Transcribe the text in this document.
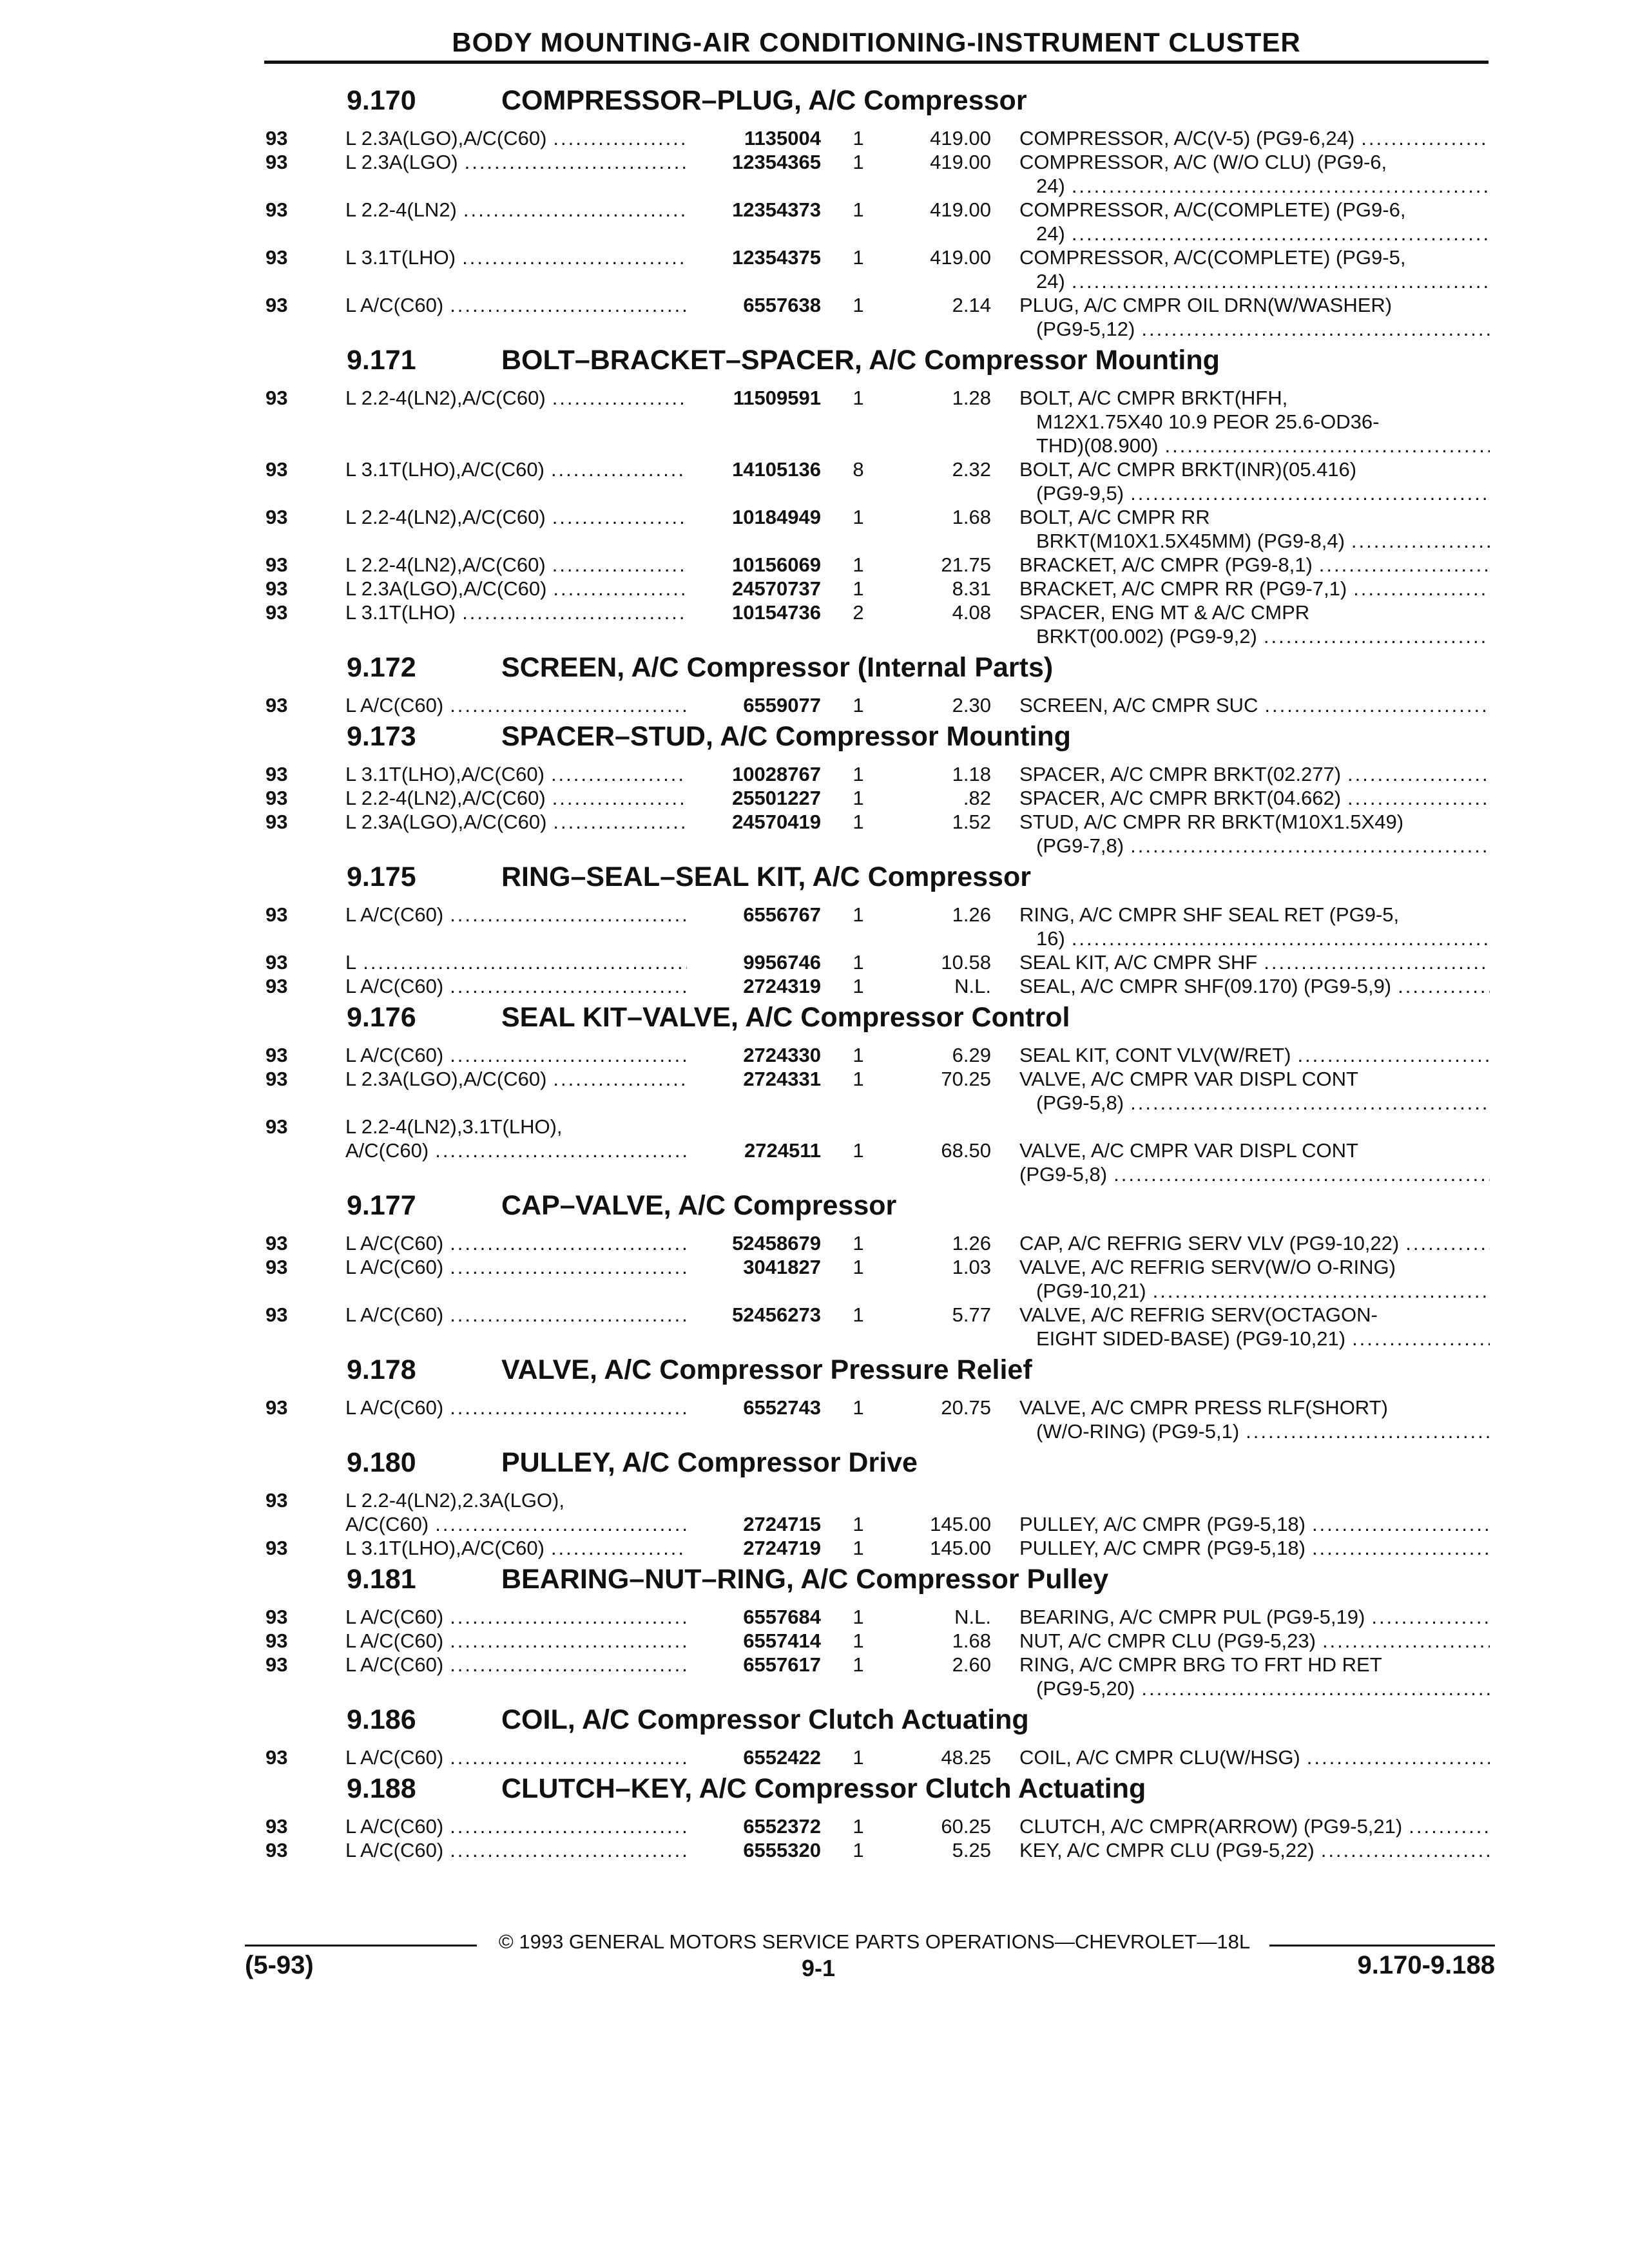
BODY MOUNTING-AIR CONDITIONING-INSTRUMENT CLUSTER
9.170	COMPRESSOR–PLUG, A/C Compressor
93	L 2.3A(LGO),A/C(C60) .....	1135004	1	419.00 COMPRESSOR, A/C(V-5) (PG9-6,24)
.....
93	L 2.3A(LGO) .....	12354365	1	419.00 COMPRESSOR, A/C (W/O CLU) (PG9-6,
24)
.....
93	L 2.2-4(LN2) .....	12354373	1	419.00 COMPRESSOR, A/C(COMPLETE) (PG9-6,
24)
.....
93	L 3.1T(LHO) .....	12354375	1	419.00 COMPRESSOR, A/C(COMPLETE) (PG9-5,
24)
.....
93	L A/C(C60) .....	6557638	1	2.14 PLUG, A/C CMPR OIL DRN(W/WASHER)
(PG9-5,12)
.....
9.171	BOLT–BRACKET–SPACER, A/C Compressor Mounting
93	L 2.2-4(LN2),A/C(C60) .....	11509591	1	1.28 BOLT, A/C CMPR BRKT(HFH,
M12X1.75X40 10.9 PEOR 25.6-OD36-
THD)(08.900)
.....
93	L 3.1T(LHO),A/C(C60) .....	14105136	8	2.32 BOLT, A/C CMPR BRKT(INR)(05.416)
(PG9-9,5)
.....
93	L 2.2-4(LN2),A/C(C60) .....	10184949	1	1.68 BOLT, A/C CMPR RR
BRKT(M10X1.5X45MM) (PG9-8,4)
.....
93	L 2.2-4(LN2),A/C(C60) .....	10156069	1	21.75 BRACKET, A/C CMPR (PG9-8,1)
.....
93	L 2.3A(LGO),A/C(C60) .....	24570737	1	8.31 BRACKET, A/C CMPR RR (PG9-7,1)
.....
93	L 3.1T(LHO) .....	10154736	2	4.08 SPACER, ENG MT & A/C CMPR
BRKT(00.002) (PG9-9,2)
.....
9.172	SCREEN, A/C Compressor (Internal Parts)
93	L A/C(C60) .....	6559077	1	2.30 SCREEN, A/C CMPR SUC
.....
9.173	SPACER–STUD, A/C Compressor Mounting
93	L 3.1T(LHO),A/C(C60) .....	10028767	1	1.18 SPACER, A/C CMPR BRKT(02.277)
.....
93	L 2.2-4(LN2),A/C(C60) .....	25501227	1	.82 SPACER, A/C CMPR BRKT(04.662)
.....
93	L 2.3A(LGO),A/C(C60) .....	24570419	1	1.52 STUD, A/C CMPR RR BRKT(M10X1.5X49)
(PG9-7,8)
.....
9.175	RING–SEAL–SEAL KIT, A/C Compressor
93	L A/C(C60) .....	6556767	1	1.26 RING, A/C CMPR SHF SEAL RET (PG9-5,
16)
.....
93	L .....	9956746	1	10.58 SEAL KIT, A/C CMPR SHF
.....
93	L A/C(C60) .....	2724319	1	N.L. SEAL, A/C CMPR SHF(09.170) (PG9-5,9)
.....
9.176	SEAL KIT–VALVE, A/C Compressor Control
93	L A/C(C60) .....	2724330	1	6.29 SEAL KIT, CONT VLV(W/RET)
.....
93	L 2.3A(LGO),A/C(C60) .....	2724331	1	70.25 VALVE, A/C CMPR VAR DISPL CONT
(PG9-5,8)
.....
93	L 2.2-4(LN2),3.1T(LHO),
A/C(C60) .....	2724511	1	68.50
VALVE, A/C CMPR VAR DISPL CONT
(PG9-5,8)
.....
9.177	CAP–VALVE, A/C Compressor
93	L A/C(C60) .....	52458679	1	1.26 CAP, A/C REFRIG SERV VLV (PG9-10,22)
.....
93	L A/C(C60) .....	3041827	1	1.03 VALVE, A/C REFRIG SERV(W/O O-RING)
(PG9-10,21)
.....
93	L A/C(C60) .....	52456273	1	5.77 VALVE, A/C REFRIG SERV(OCTAGON-
EIGHT SIDED-BASE) (PG9-10,21)
.....
9.178	VALVE, A/C Compressor Pressure Relief
93	L A/C(C60) .....	6552743	1	20.75 VALVE, A/C CMPR PRESS RLF(SHORT)
(W/O-RING) (PG9-5,1)
.....
9.180	PULLEY, A/C Compressor Drive
93	L 2.2-4(LN2),2.3A(LGO),
A/C(C60) .....	2724715	1	145.00
PULLEY, A/C CMPR (PG9-5,18)
.....
93	L 3.1T(LHO),A/C(C60) .....	2724719	1	145.00 PULLEY, A/C CMPR (PG9-5,18)
.....
9.181	BEARING–NUT–RING, A/C Compressor Pulley
93	L A/C(C60) .....	6557684	1	N.L. BEARING, A/C CMPR PUL (PG9-5,19)
.....
93	L A/C(C60) .....	6557414	1	1.68 NUT, A/C CMPR CLU (PG9-5,23)
.....
93	L A/C(C60) .....	6557617	1	2.60 RING, A/C CMPR BRG TO FRT HD RET
(PG9-5,20)
.....
9.186	COIL, A/C Compressor Clutch Actuating
93	L A/C(C60) .....	6552422	1	48.25 COIL, A/C CMPR CLU(W/HSG)
.....
9.188	CLUTCH–KEY, A/C Compressor Clutch Actuating
93	L A/C(C60) .....	6552372	1	60.25 CLUTCH, A/C CMPR(ARROW) (PG9-5,21)
.....
93	L A/C(C60) .....	6555320	1	5.25 KEY, A/C CMPR CLU (PG9-5,22)
.....
© 1993 GENERAL MOTORS SERVICE PARTS OPERATIONS—CHEVROLET—18L
(5-93)	9-1	9.170-9.188
